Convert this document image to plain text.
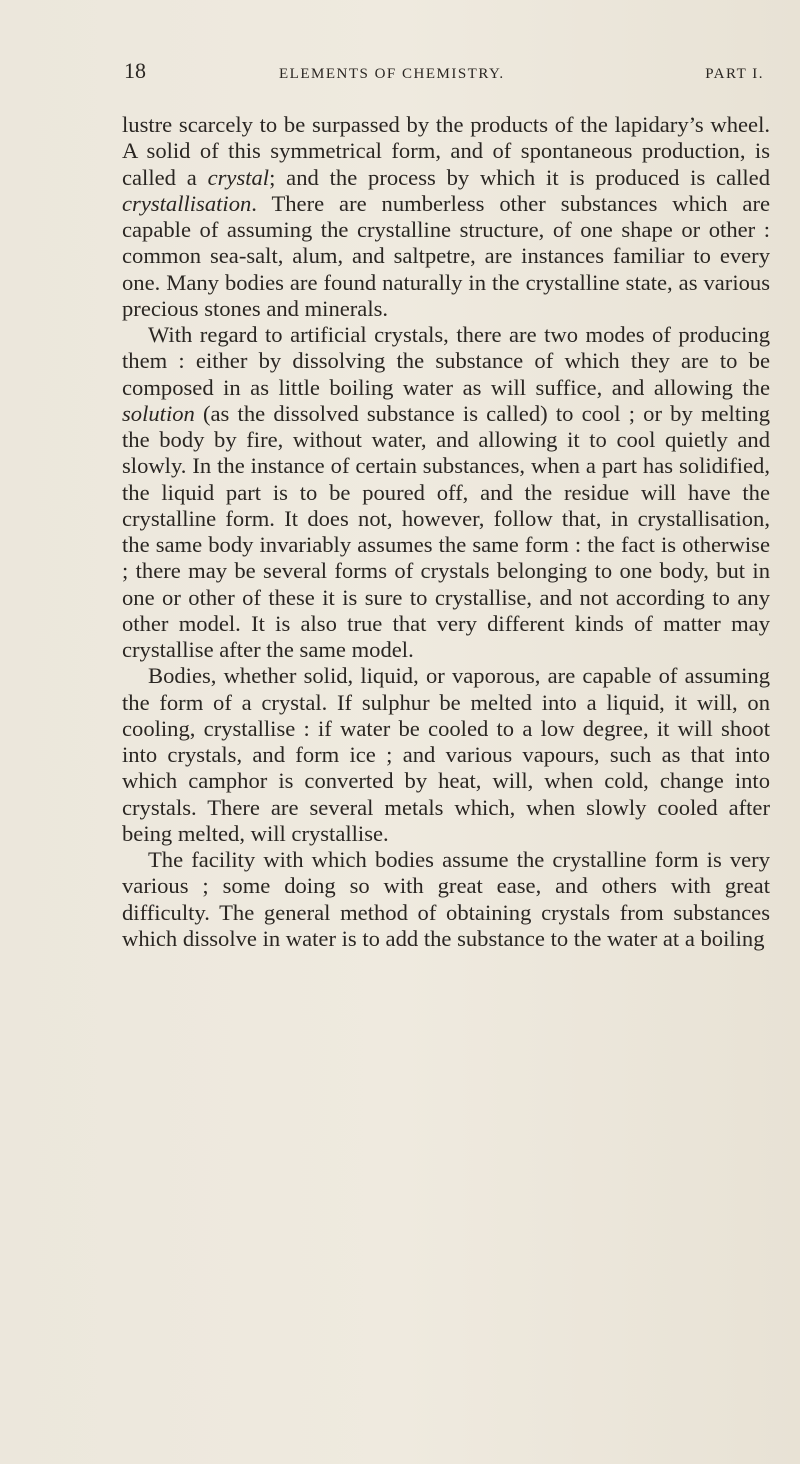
18	ELEMENTS OF CHEMISTRY.	PART I.

lustre scarcely to be surpassed by the products of the lapidary’s wheel. A solid of this symmetrical form, and of spontaneous production, is called a crystal; and the process by which it is produced is called crystallisation. There are numberless other substances which are capable of assuming the crystalline structure, of one shape or other : common sea-salt, alum, and saltpetre, are instances familiar to every one. Many bodies are found naturally in the crystalline state, as various precious stones and minerals.

With regard to artificial crystals, there are two modes of producing them : either by dissolving the substance of which they are to be composed in as little boiling water as will suffice, and allowing the solution (as the dissolved substance is called) to cool ; or by melting the body by fire, without water, and allowing it to cool quietly and slowly. In the instance of certain substances, when a part has solidified, the liquid part is to be poured off, and the residue will have the crystalline form. It does not, however, follow that, in crystallisation, the same body invariably assumes the same form : the fact is otherwise ; there may be several forms of crystals belonging to one body, but in one or other of these it is sure to crystallise, and not according to any other model. It is also true that very different kinds of matter may crystallise after the same model.

Bodies, whether solid, liquid, or vaporous, are capable of assuming the form of a crystal. If sulphur be melted into a liquid, it will, on cooling, crystallise : if water be cooled to a low degree, it will shoot into crystals, and form ice ; and various vapours, such as that into which camphor is converted by heat, will, when cold, change into crystals. There are several metals which, when slowly cooled after being melted, will crystallise.

The facility with which bodies assume the crystalline form is very various ; some doing so with great ease, and others with great difficulty. The general method of obtaining crystals from substances which dissolve in water is to add the substance to the water at a boiling
